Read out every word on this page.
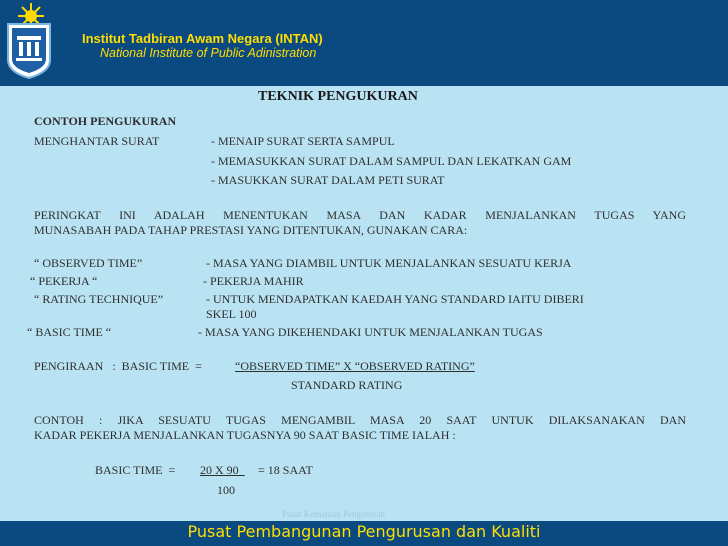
Institut Tadbiran Awam Negara (INTAN)
National Institute of Public Adinistration
TEKNIK PENGUKURAN
CONTOH PENGUKURAN
MENGHANTAR SURAT	- MENAIP SURAT SERTA SAMPUL
- MEMASUKKAN SURAT DALAM SAMPUL DAN LEKATKAN GAM
- MASUKKAN SURAT DALAM PETI SURAT
PERINGKAT INI ADALAH MENENTUKAN MASA DAN KADAR MENJALANKAN TUGAS YANG
MUNASABAH PADA TAHAP PRESTASI YANG DITENTUKAN, GUNAKAN CARA:
“ OBSERVED TIME”	- MASA YANG DIAMBIL UNTUK MENJALANKAN SESUATU KERJA
“ PEKERJA “	- PEKERJA MAHIR
“ RATING TECHNIQUE”	- UNTUK MENDAPATKAN KAEDAH YANG STANDARD IAITU DIBERI
SKEL 100
“ BASIC TIME “	- MASA YANG DIKEHENDAKI UNTUK MENJALANKAN TUGAS
PENGIRAAN   :  BASIC TIME  =	“OBSERVED TIME” X “OBSERVED RATING”
STANDARD RATING
CONTOH : JIKA SESUATU TUGAS MENGAMBIL MASA 20 SAAT UNTUK DILAKSANAKAN DAN
KADAR PEKERJA MENJALANKAN TUGASNYA 90 SAAT BASIC TIME IALAH :
BASIC TIME  = 20 X 90 = 18 SAAT
100
Pusat Kemajuan Pengurusan
Pusat Pembangunan Pengurusan dan Kualiti
